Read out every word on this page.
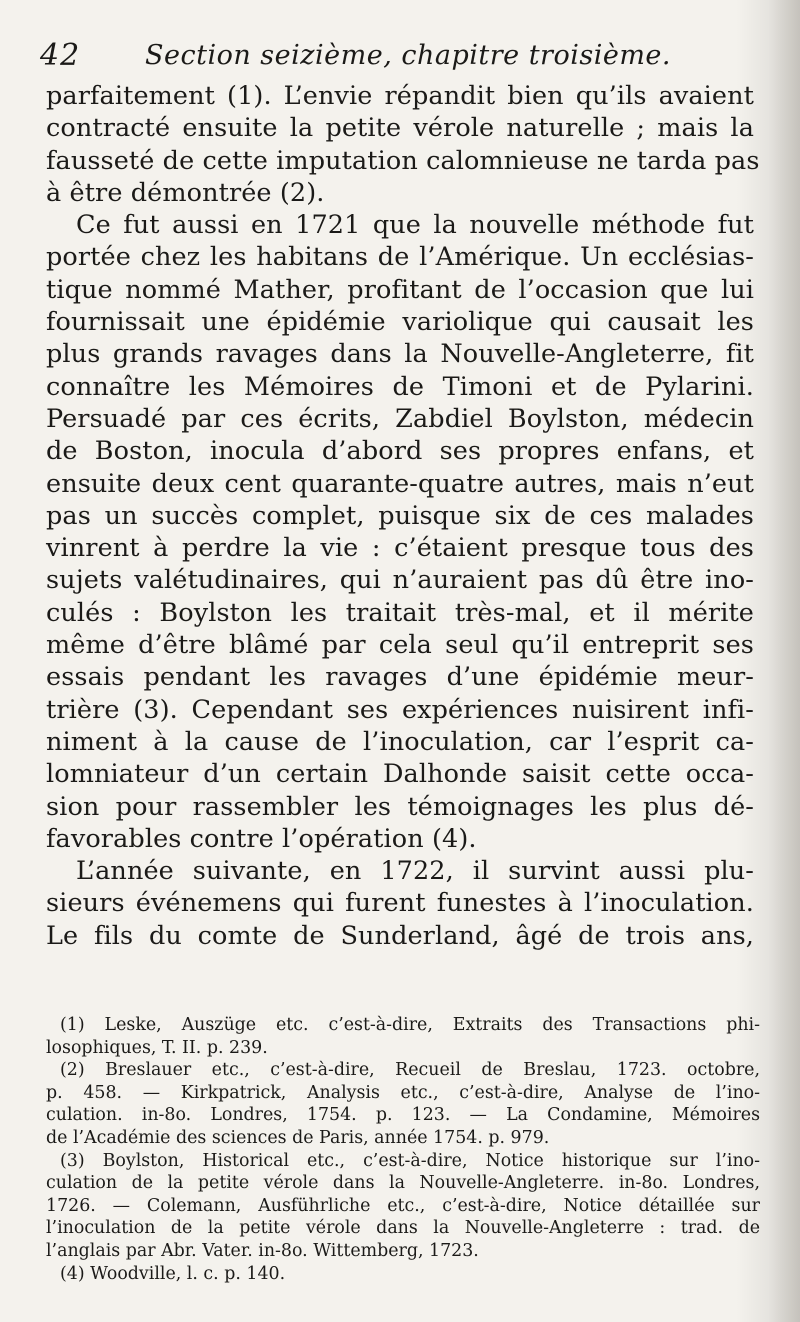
42 Section seizième, chapitre troisième.
parfaitement (1). L’envie répandit bien qu’ils avaient
contracté ensuite la petite vérole naturelle ; mais la
fausseté de cette imputation calomnieuse ne tarda pas
à être démontrée (2).
Ce fut aussi en 1721 que la nouvelle méthode fut
portée chez les habitans de l’Amérique. Un ecclésias-
tique nommé Mather, profitant de l’occasion que lui
fournissait une épidémie variolique qui causait les
plus grands ravages dans la Nouvelle-Angleterre, fit
connaître les Mémoires de Timoni et de Pylarini.
Persuadé par ces écrits, Zabdiel Boylston, médecin
de Boston, inocula d’abord ses propres enfans, et
ensuite deux cent quarante-quatre autres, mais n’eut
pas un succès complet, puisque six de ces malades
vinrent à perdre la vie : c’étaient presque tous des
sujets valétudinaires, qui n’auraient pas dû être ino-
culés : Boylston les traitait très-mal, et il mérite
même d’être blâmé par cela seul qu’il entreprit ses
essais pendant les ravages d’une épidémie meur-
trière (3). Cependant ses expériences nuisirent infi-
niment à la cause de l’inoculation, car l’esprit ca-
lomniateur d’un certain Dalhonde saisit cette occa-
sion pour rassembler les témoignages les plus dé-
favorables contre l’opération (4).
L’année suivante, en 1722, il survint aussi plu-
sieurs événemens qui furent funestes à l’inoculation.
Le fils du comte de Sunderland, âgé de trois ans,
(1) Leske, Auszüge etc. c’est-à-dire, Extraits des Transactions phi-
losophiques, T. II. p. 239.
(2) Breslauer etc., c’est-à-dire, Recueil de Breslau, 1723. octobre,
p. 458. — Kirkpatrick, Analysis etc., c’est-à-dire, Analyse de l’ino-
culation. in-8o. Londres, 1754. p. 123. — La Condamine, Mémoires
de l’Académie des sciences de Paris, année 1754. p. 979.
(3) Boylston, Historical etc., c’est-à-dire, Notice historique sur l’ino-
culation de la petite vérole dans la Nouvelle-Angleterre. in-8o. Londres,
1726. — Colemann, Ausführliche etc., c’est-à-dire, Notice détaillée sur
l’inoculation de la petite vérole dans la Nouvelle-Angleterre : trad. de
l’anglais par Abr. Vater. in-8o. Wittemberg, 1723.
(4) Woodville, l. c. p. 140.
